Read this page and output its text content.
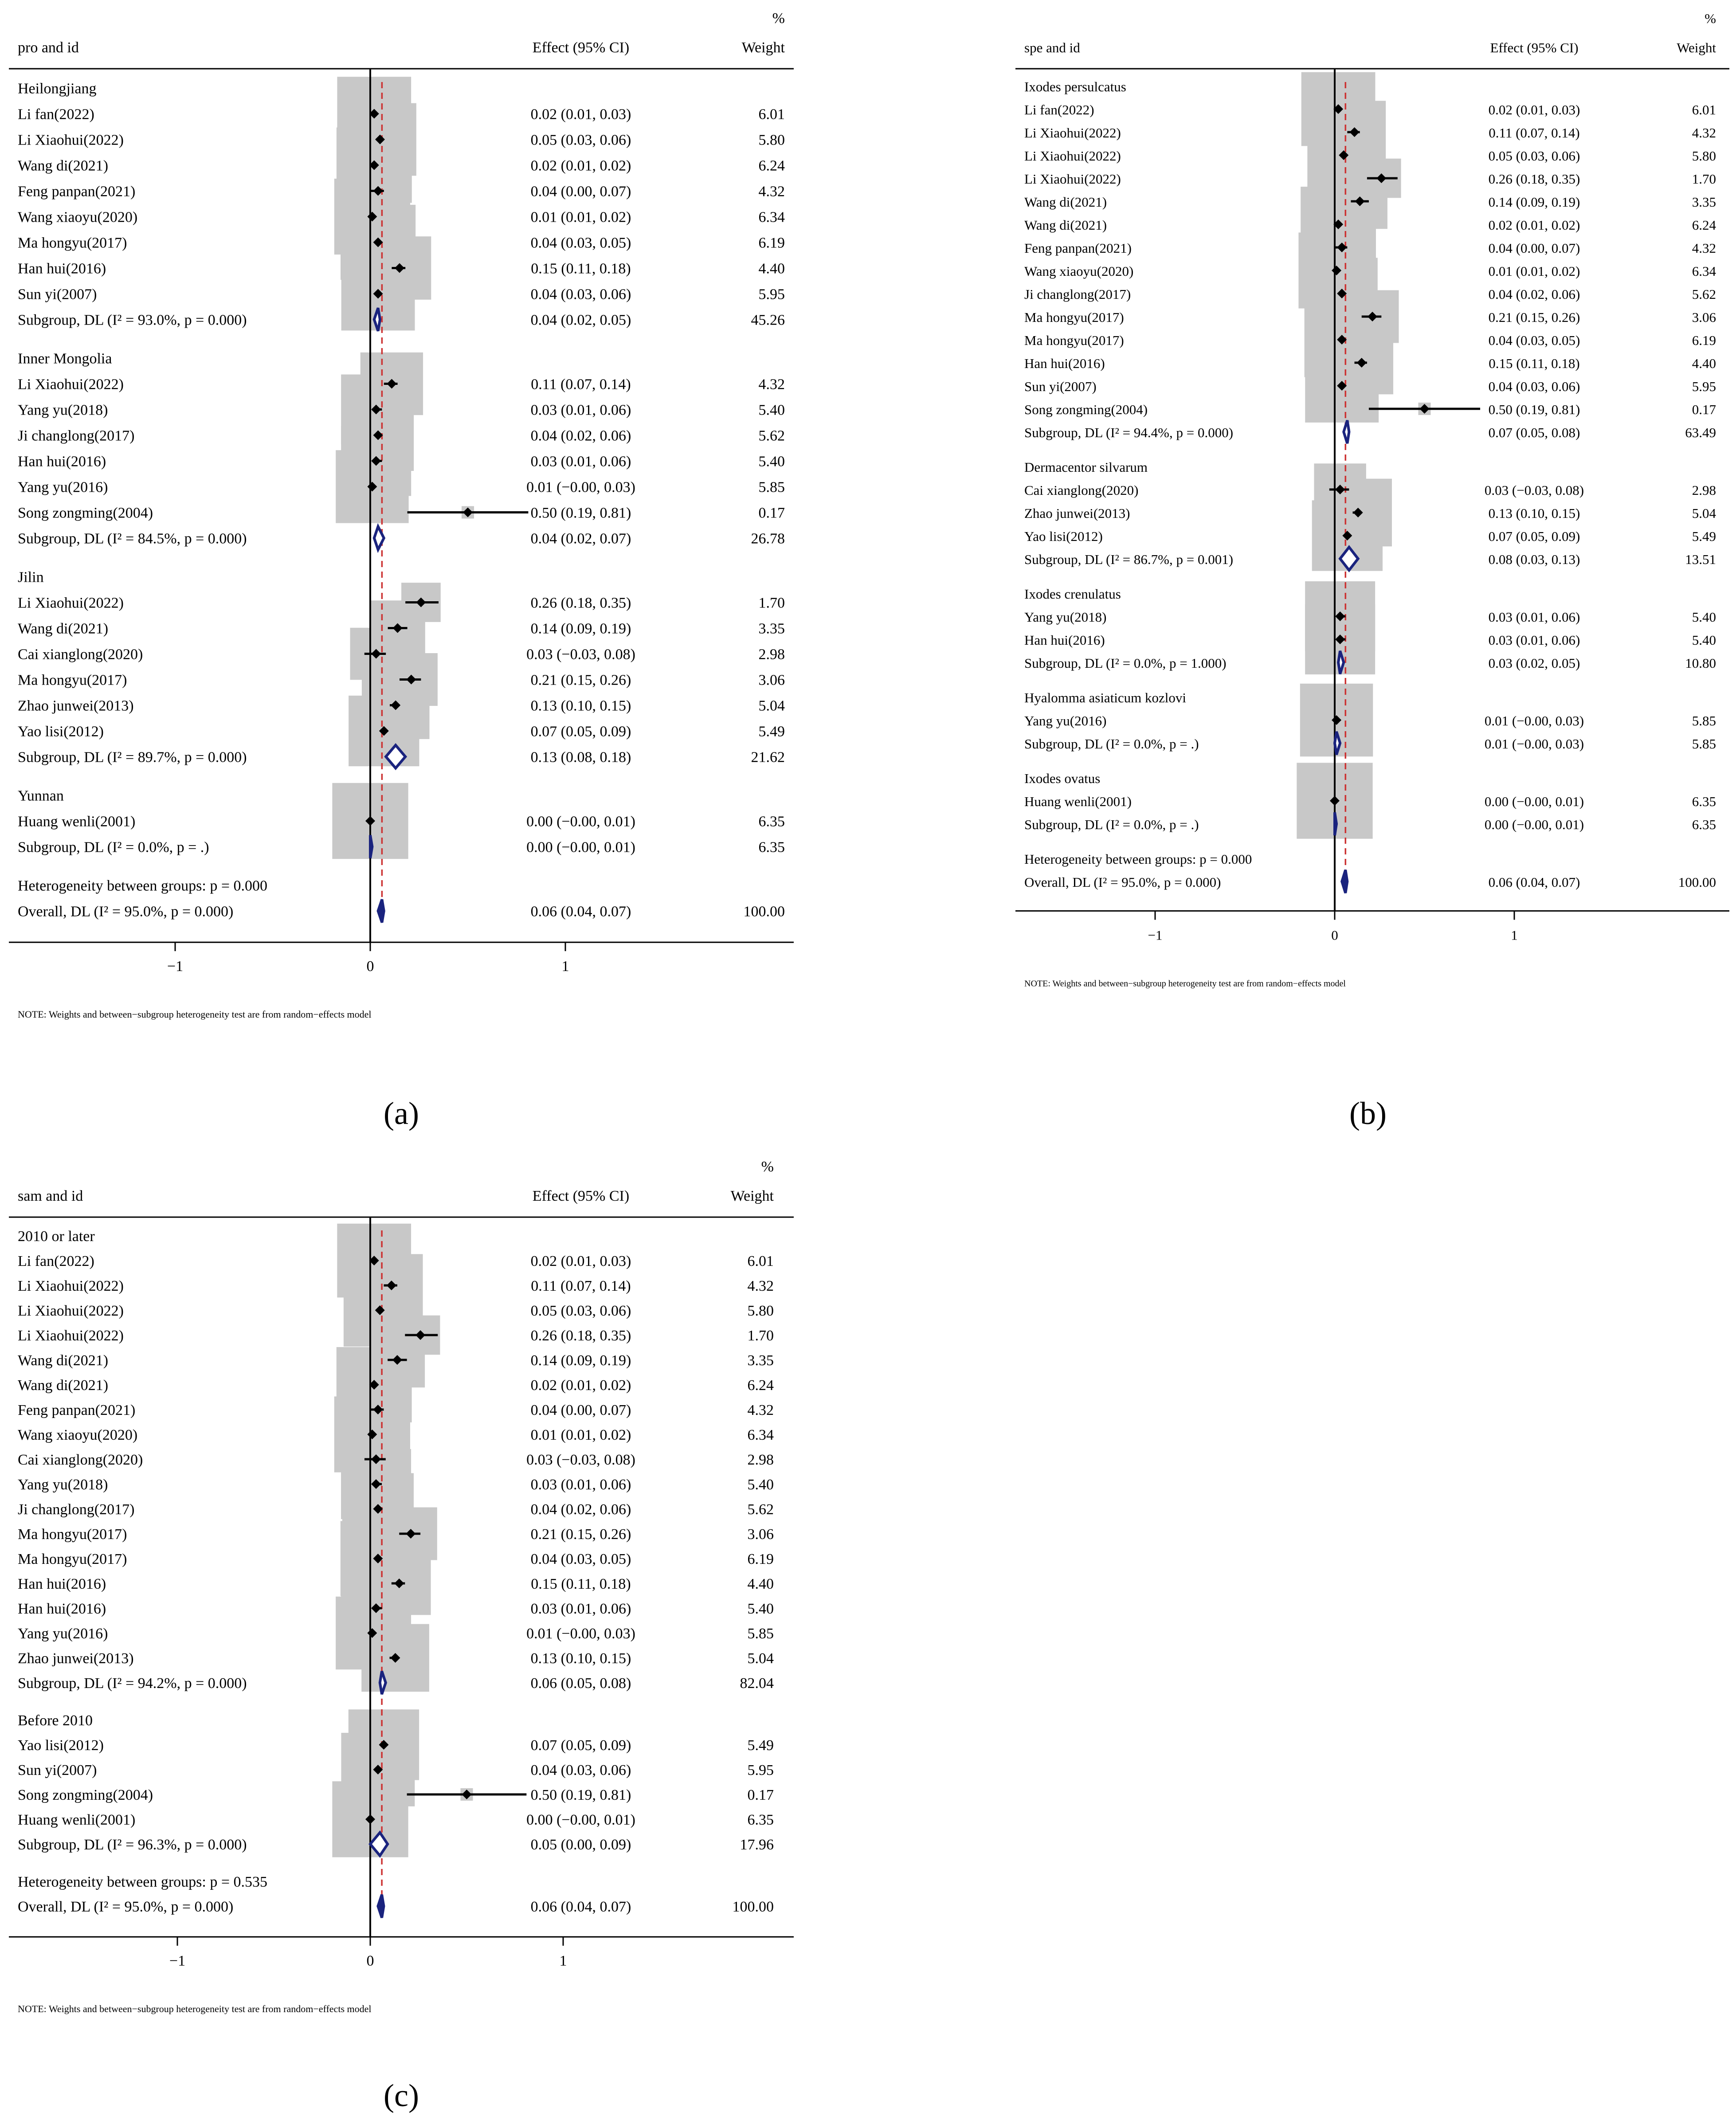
%
pro and id	Effect (95% CI)	Weight
Heilongjiang
Li fan(2022)	0.02 (0.01, 0.03)	6.01
Li Xiaohui(2022)	0.05 (0.03, 0.06)	5.80
Wang di(2021)	0.02 (0.01, 0.02)	6.24
Feng panpan(2021)	0.04 (0.00, 0.07)	4.32
Wang xiaoyu(2020)	0.01 (0.01, 0.02)	6.34
Ma hongyu(2017)	0.04 (0.03, 0.05)	6.19
Han hui(2016)	0.15 (0.11, 0.18)	4.40
Sun yi(2007)	0.04 (0.03, 0.06)	5.95
Subgroup, DL (I² = 93.0%, p = 0.000)	0.04 (0.02, 0.05)	45.26
Inner Mongolia
Li Xiaohui(2022)	0.11 (0.07, 0.14)	4.32
Yang yu(2018)	0.03 (0.01, 0.06)	5.40
Ji changlong(2017)	0.04 (0.02, 0.06)	5.62
Han hui(2016)	0.03 (0.01, 0.06)	5.40
Yang yu(2016)	0.01 (−0.00, 0.03)	5.85
Song zongming(2004)	0.50 (0.19, 0.81)	0.17
Subgroup, DL (I² = 84.5%, p = 0.000)	0.04 (0.02, 0.07)	26.78
Jilin
Li Xiaohui(2022)	0.26 (0.18, 0.35)	1.70
Wang di(2021)	0.14 (0.09, 0.19)	3.35
Cai xianglong(2020)	0.03 (−0.03, 0.08)	2.98
Ma hongyu(2017)	0.21 (0.15, 0.26)	3.06
Zhao junwei(2013)	0.13 (0.10, 0.15)	5.04
Yao lisi(2012)	0.07 (0.05, 0.09)	5.49
Subgroup, DL (I² = 89.7%, p = 0.000)	0.13 (0.08, 0.18)	21.62
Yunnan
Huang wenli(2001)	0.00 (−0.00, 0.01)	6.35
Subgroup, DL (I² = 0.0%, p = .)	0.00 (−0.00, 0.01)	6.35
Heterogeneity between groups: p = 0.000
Overall, DL (I² = 95.0%, p = 0.000)	0.06 (0.04, 0.07)	100.00
−1	0	1
NOTE: Weights and between−subgroup heterogeneity test are from random−effects model
(a)
%
spe and id	Effect (95% CI)	Weight
Ixodes persulcatus
Li fan(2022)	0.02 (0.01, 0.03)	6.01
Li Xiaohui(2022)	0.11 (0.07, 0.14)	4.32
Li Xiaohui(2022)	0.05 (0.03, 0.06)	5.80
Li Xiaohui(2022)	0.26 (0.18, 0.35)	1.70
Wang di(2021)	0.14 (0.09, 0.19)	3.35
Wang di(2021)	0.02 (0.01, 0.02)	6.24
Feng panpan(2021)	0.04 (0.00, 0.07)	4.32
Wang xiaoyu(2020)	0.01 (0.01, 0.02)	6.34
Ji changlong(2017)	0.04 (0.02, 0.06)	5.62
Ma hongyu(2017)	0.21 (0.15, 0.26)	3.06
Ma hongyu(2017)	0.04 (0.03, 0.05)	6.19
Han hui(2016)	0.15 (0.11, 0.18)	4.40
Sun yi(2007)	0.04 (0.03, 0.06)	5.95
Song zongming(2004)	0.50 (0.19, 0.81)	0.17
Subgroup, DL (I² = 94.4%, p = 0.000)	0.07 (0.05, 0.08)	63.49
Dermacentor silvarum
Cai xianglong(2020)	0.03 (−0.03, 0.08)	2.98
Zhao junwei(2013)	0.13 (0.10, 0.15)	5.04
Yao lisi(2012)	0.07 (0.05, 0.09)	5.49
Subgroup, DL (I² = 86.7%, p = 0.001)	0.08 (0.03, 0.13)	13.51
Ixodes crenulatus
Yang yu(2018)	0.03 (0.01, 0.06)	5.40
Han hui(2016)	0.03 (0.01, 0.06)	5.40
Subgroup, DL (I² = 0.0%, p = 1.000)	0.03 (0.02, 0.05)	10.80
Hyalomma asiaticum kozlovi
Yang yu(2016)	0.01 (−0.00, 0.03)	5.85
Subgroup, DL (I² = 0.0%, p = .)	0.01 (−0.00, 0.03)	5.85
Ixodes ovatus
Huang wenli(2001)	0.00 (−0.00, 0.01)	6.35
Subgroup, DL (I² = 0.0%, p = .)	0.00 (−0.00, 0.01)	6.35
Heterogeneity between groups: p = 0.000
Overall, DL (I² = 95.0%, p = 0.000)	0.06 (0.04, 0.07)	100.00
−1	0	1
NOTE: Weights and between−subgroup heterogeneity test are from random−effects model
(b)
%
sam and id	Effect (95% CI)	Weight
2010 or later
Li fan(2022)	0.02 (0.01, 0.03)	6.01
Li Xiaohui(2022)	0.11 (0.07, 0.14)	4.32
Li Xiaohui(2022)	0.05 (0.03, 0.06)	5.80
Li Xiaohui(2022)	0.26 (0.18, 0.35)	1.70
Wang di(2021)	0.14 (0.09, 0.19)	3.35
Wang di(2021)	0.02 (0.01, 0.02)	6.24
Feng panpan(2021)	0.04 (0.00, 0.07)	4.32
Wang xiaoyu(2020)	0.01 (0.01, 0.02)	6.34
Cai xianglong(2020)	0.03 (−0.03, 0.08)	2.98
Yang yu(2018)	0.03 (0.01, 0.06)	5.40
Ji changlong(2017)	0.04 (0.02, 0.06)	5.62
Ma hongyu(2017)	0.21 (0.15, 0.26)	3.06
Ma hongyu(2017)	0.04 (0.03, 0.05)	6.19
Han hui(2016)	0.15 (0.11, 0.18)	4.40
Han hui(2016)	0.03 (0.01, 0.06)	5.40
Yang yu(2016)	0.01 (−0.00, 0.03)	5.85
Zhao junwei(2013)	0.13 (0.10, 0.15)	5.04
Subgroup, DL (I² = 94.2%, p = 0.000)	0.06 (0.05, 0.08)	82.04
Before 2010
Yao lisi(2012)	0.07 (0.05, 0.09)	5.49
Sun yi(2007)	0.04 (0.03, 0.06)	5.95
Song zongming(2004)	0.50 (0.19, 0.81)	0.17
Huang wenli(2001)	0.00 (−0.00, 0.01)	6.35
Subgroup, DL (I² = 96.3%, p = 0.000)	0.05 (0.00, 0.09)	17.96
Heterogeneity between groups: p = 0.535
Overall, DL (I² = 95.0%, p = 0.000)	0.06 (0.04, 0.07)	100.00
−1	0	1
NOTE: Weights and between−subgroup heterogeneity test are from random−effects model
(c)
